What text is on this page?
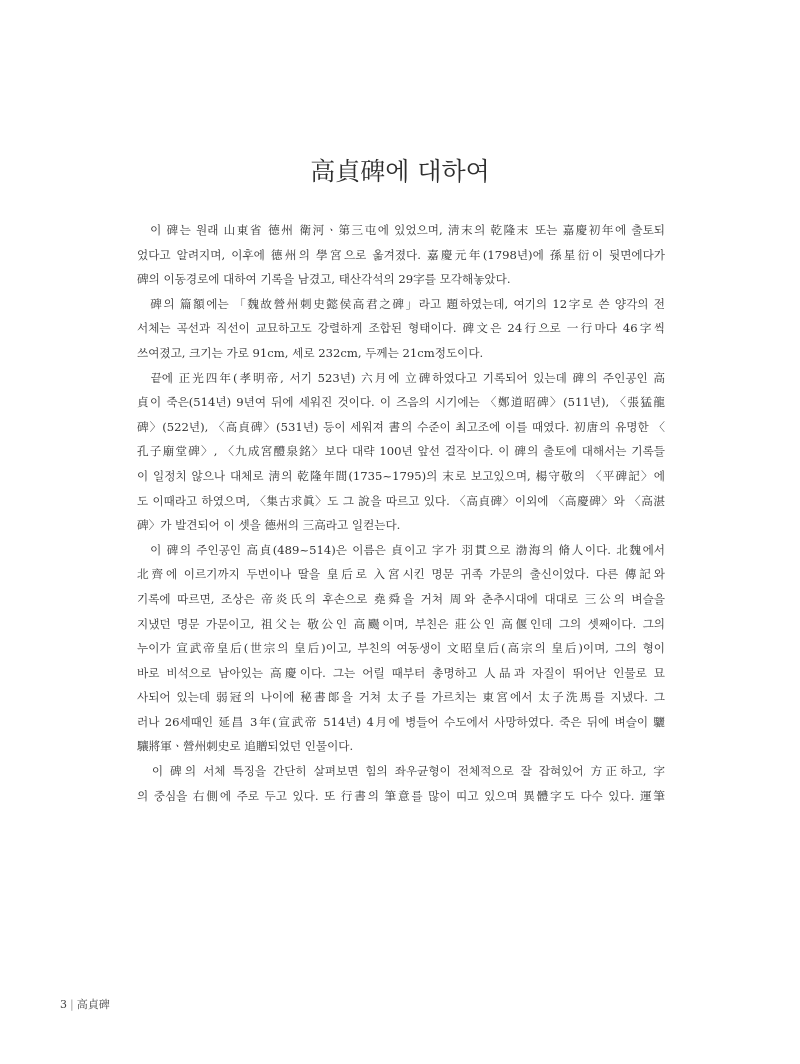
高貞碑에 대하여
　이 碑는 원래 山東省 德州 衛河ㆍ第三屯에 있었으며, 淸末의 乾隆末 또는 嘉慶初年에 출토되
었다고 알려지며, 이후에 德州의 學宮으로 옮겨졌다. 嘉慶元年(1798년)에 孫星衍이 뒷면에다가
碑의 이동경로에 대하여 기록을 남겼고, 태산각석의 29字를 모각해놓았다.
　碑의 篇額에는 「魏故營州刺史懿侯高君之碑」라고 題하였는데, 여기의 12字로 쓴 양각의 전
서체는 곡선과 직선이 교묘하고도 강렬하게 조합된 형태이다. 碑文은 24行으로 一行마다 46字씩
쓰여졌고, 크기는 가로 91cm, 세로 232cm, 두께는 21cm정도이다.
　끝에 正光四年(孝明帝, 서기 523년) 六月에 立碑하였다고 기록되어 있는데 碑의 주인공인 高
貞이 죽은(514년) 9년여 뒤에 세워진 것이다. 이 즈음의 시기에는 〈鄭道昭碑〉(511년), 〈張猛龍
碑〉(522년), 〈高貞碑〉(531년) 등이 세워져 書의 수준이 최고조에 이를 때였다. 初唐의 유명한 〈
孔子廟堂碑〉, 〈九成宮醴泉銘〉보다 대략 100년 앞선 걸작이다. 이 碑의 출토에 대해서는 기록들
이 일정치 않으나 대체로 淸의 乾隆年間(1735~1795)의 末로 보고있으며, 楊守敬의 〈平碑記〉에
도 이때라고 하였으며, 〈集古求眞〉도 그 說을 따르고 있다. 〈高貞碑〉이외에 〈高慶碑〉와 〈高湛
碑〉가 발견되어 이 셋을 德州의 三高라고 일컫는다.
　이 碑의 주인공인 高貞(489~514)은 이름은 貞이고 字가 羽貫으로 渤海의 脩人이다. 北魏에서
北齊에 이르기까지 두번이나 딸을 皇后로 入宮시킨 명문 귀족 가문의 출신이었다. 다른 傳記와
기록에 따르면, 조상은 帝炎氏의 후손으로 堯舜을 거쳐 周와 춘추시대에 대대로 三公의 벼슬을
지냈던 명문 가문이고, 祖父는 敬公인 高颺이며, 부친은 莊公인 高偃인데 그의 셋째이다. 그의
누이가 宣武帝皇后(世宗의 皇后)이고, 부친의 여동생이 文昭皇后(高宗의 皇后)이며, 그의 형이
바로 비석으로 남아있는 高慶이다. 그는 어릴 때부터 총명하고 人品과 자질이 뛰어난 인물로 묘
사되어 있는데 弱冠의 나이에 秘書郞을 거쳐 太子를 가르치는 東宮에서 太子洗馬를 지냈다. 그
러나 26세때인 延昌 3年(宣武帝 514년) 4月에 병들어 수도에서 사망하였다. 죽은 뒤에 벼슬이 驪
驤將軍ㆍ營州刺史로 追贈되었던 인물이다.
　이 碑의 서체 특징을 간단히 살펴보면 힘의 좌우균형이 전체적으로 잘 잡혀있어 方正하고, 字
의 중심을 右側에 주로 두고 있다. 또 行書의 筆意를 많이 띠고 있으며 異體字도 다수 있다. 運筆
3 | 高貞碑
